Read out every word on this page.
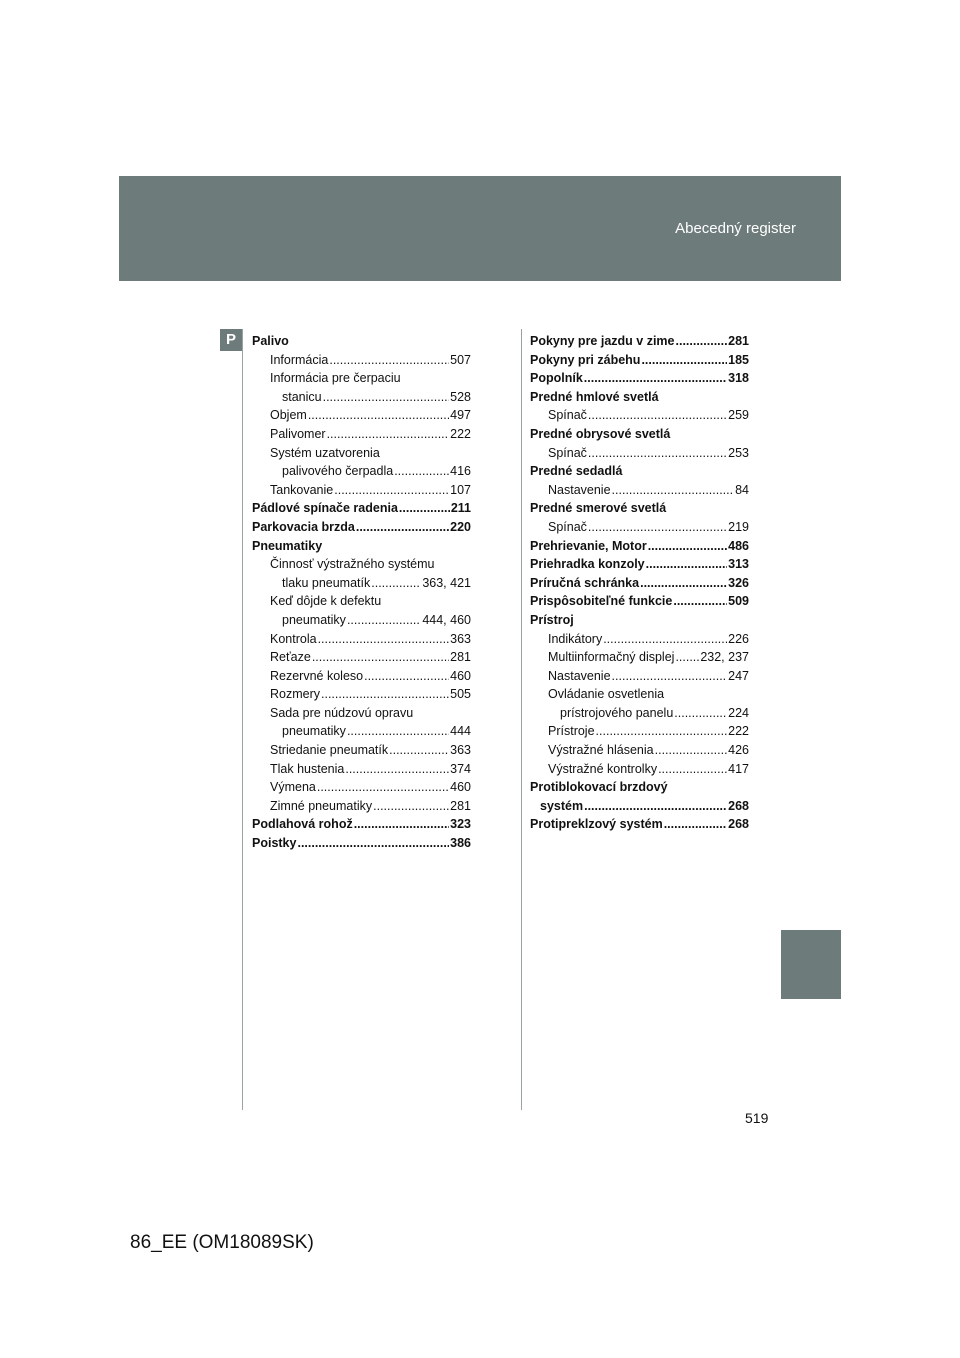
Abecedný register
P	Palivo
Informácia .....	507
Informácia pre čerpaciu
stanicu .....	528
Objem .....	497
Palivomer .....	222
Systém uzatvorenia
palivového čerpadla .....	416
Tankovanie .....	107
Pádlové spínače radenia .....	211
Parkovacia brzda .....	220
Pneumatiky
Činnosť výstražného systému
tlaku pneumatík .....	363, 421
Keď dôjde k defektu
pneumatiky .....	444, 460
Kontrola .....	363
Reťaze .....	281
Rezervné koleso .....	460
Rozmery .....	505
Sada pre núdzovú opravu
pneumatiky .....	444
Striedanie pneumatík .....	363
Tlak hustenia .....	374
Výmena .....	460
Zimné pneumatiky .....	281
Podlahová rohož .....	323
Poistky .....	386
Pokyny pre jazdu v zime .....	281
Pokyny pri zábehu .....	185
Popolník .....	318
Predné hmlové svetlá
Spínač .....	259
Predné obrysové svetlá
Spínač .....	253
Predné sedadlá
Nastavenie .....	84
Predné smerové svetlá
Spínač .....	219
Prehrievanie, Motor .....	486
Priehradka konzoly .....	313
Príručná schránka .....	326
Prispôsobiteľné funkcie .....	509
Prístroj
Indikátory .....	226
Multiinformačný displej ..... 232, 237
Nastavenie .....	247
Ovládanie osvetlenia
prístrojového panelu .....	224
Prístroje .....	222
Výstražné hlásenia .....	426
Výstražné kontrolky .....	417
Protiblokovací brzdový
systém .....	268
Protipreklzový systém .....	268
519
86_EE (OM18089SK)
